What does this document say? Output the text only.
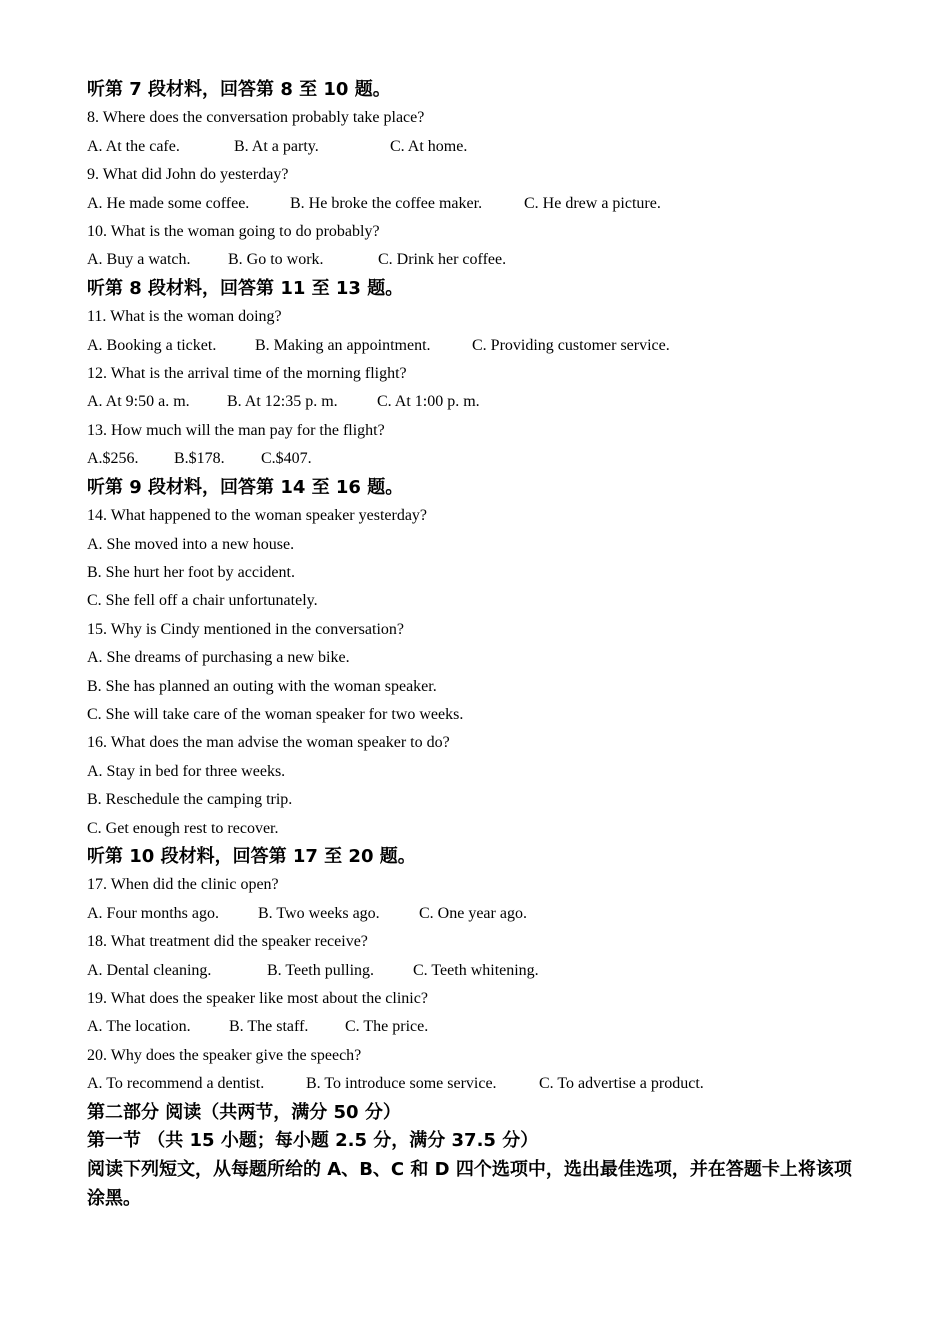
听第 7 段材料，回答第 8 至 10 题。
8. Where does the conversation probably take place?
A. At the cafe.	B. At a party.	C. At home.
9. What did John do yesterday?
A. He made some coffee.	B. He broke the coffee maker.	C. He drew a picture.
10. What is the woman going to do probably?
A. Buy a watch. B. Go to work.	C. Drink her coffee.
听第 8 段材料，回答第 11 至 13 题。
11. What is the woman doing?
A. Booking a ticket. B. Making an appointment.	C. Providing customer service.
12. What is the arrival time of the morning flight?
A. At 9:50 a. m. B. At 12:35 p. m. C. At 1:00 p. m.
13. How much will the man pay for the flight?
A.$256. B.$178. C.$407.
听第 9 段材料，回答第 14 至 16 题。
14. What happened to the woman speaker yesterday?
A. She moved into a new house.
B. She hurt her foot by accident.
C. She fell off a chair unfortunately.
15. Why is Cindy mentioned in the conversation?
A. She dreams of purchasing a new bike.
B. She has planned an outing with the woman speaker.
C. She will take care of the woman speaker for two weeks.
16. What does the man advise the woman speaker to do?
A. Stay in bed for three weeks.
B. Reschedule the camping trip.
C. Get enough rest to recover.
听第 10 段材料，回答第 17 至 20 题。
17. When did the clinic open?
A. Four months ago. B. Two weeks ago. C. One year ago.
18. What treatment did the speaker receive?
A. Dental cleaning.	B. Teeth pulling. C. Teeth whitening.
19. What does the speaker like most about the clinic?
A. The location. B. The staff. C. The price.
20. Why does the speaker give the speech?
A. To recommend a dentist.	B. To introduce some service.	C. To advertise a product.
第二部分 阅读（共两节，满分 50 分）
第一节 （共 15 小题；每小题 2.5 分，满分 37.5 分）
阅读下列短文，从每题所给的 A、B、C 和 D 四个选项中，选出最佳选项，并在答题卡上将该项涂黑。
